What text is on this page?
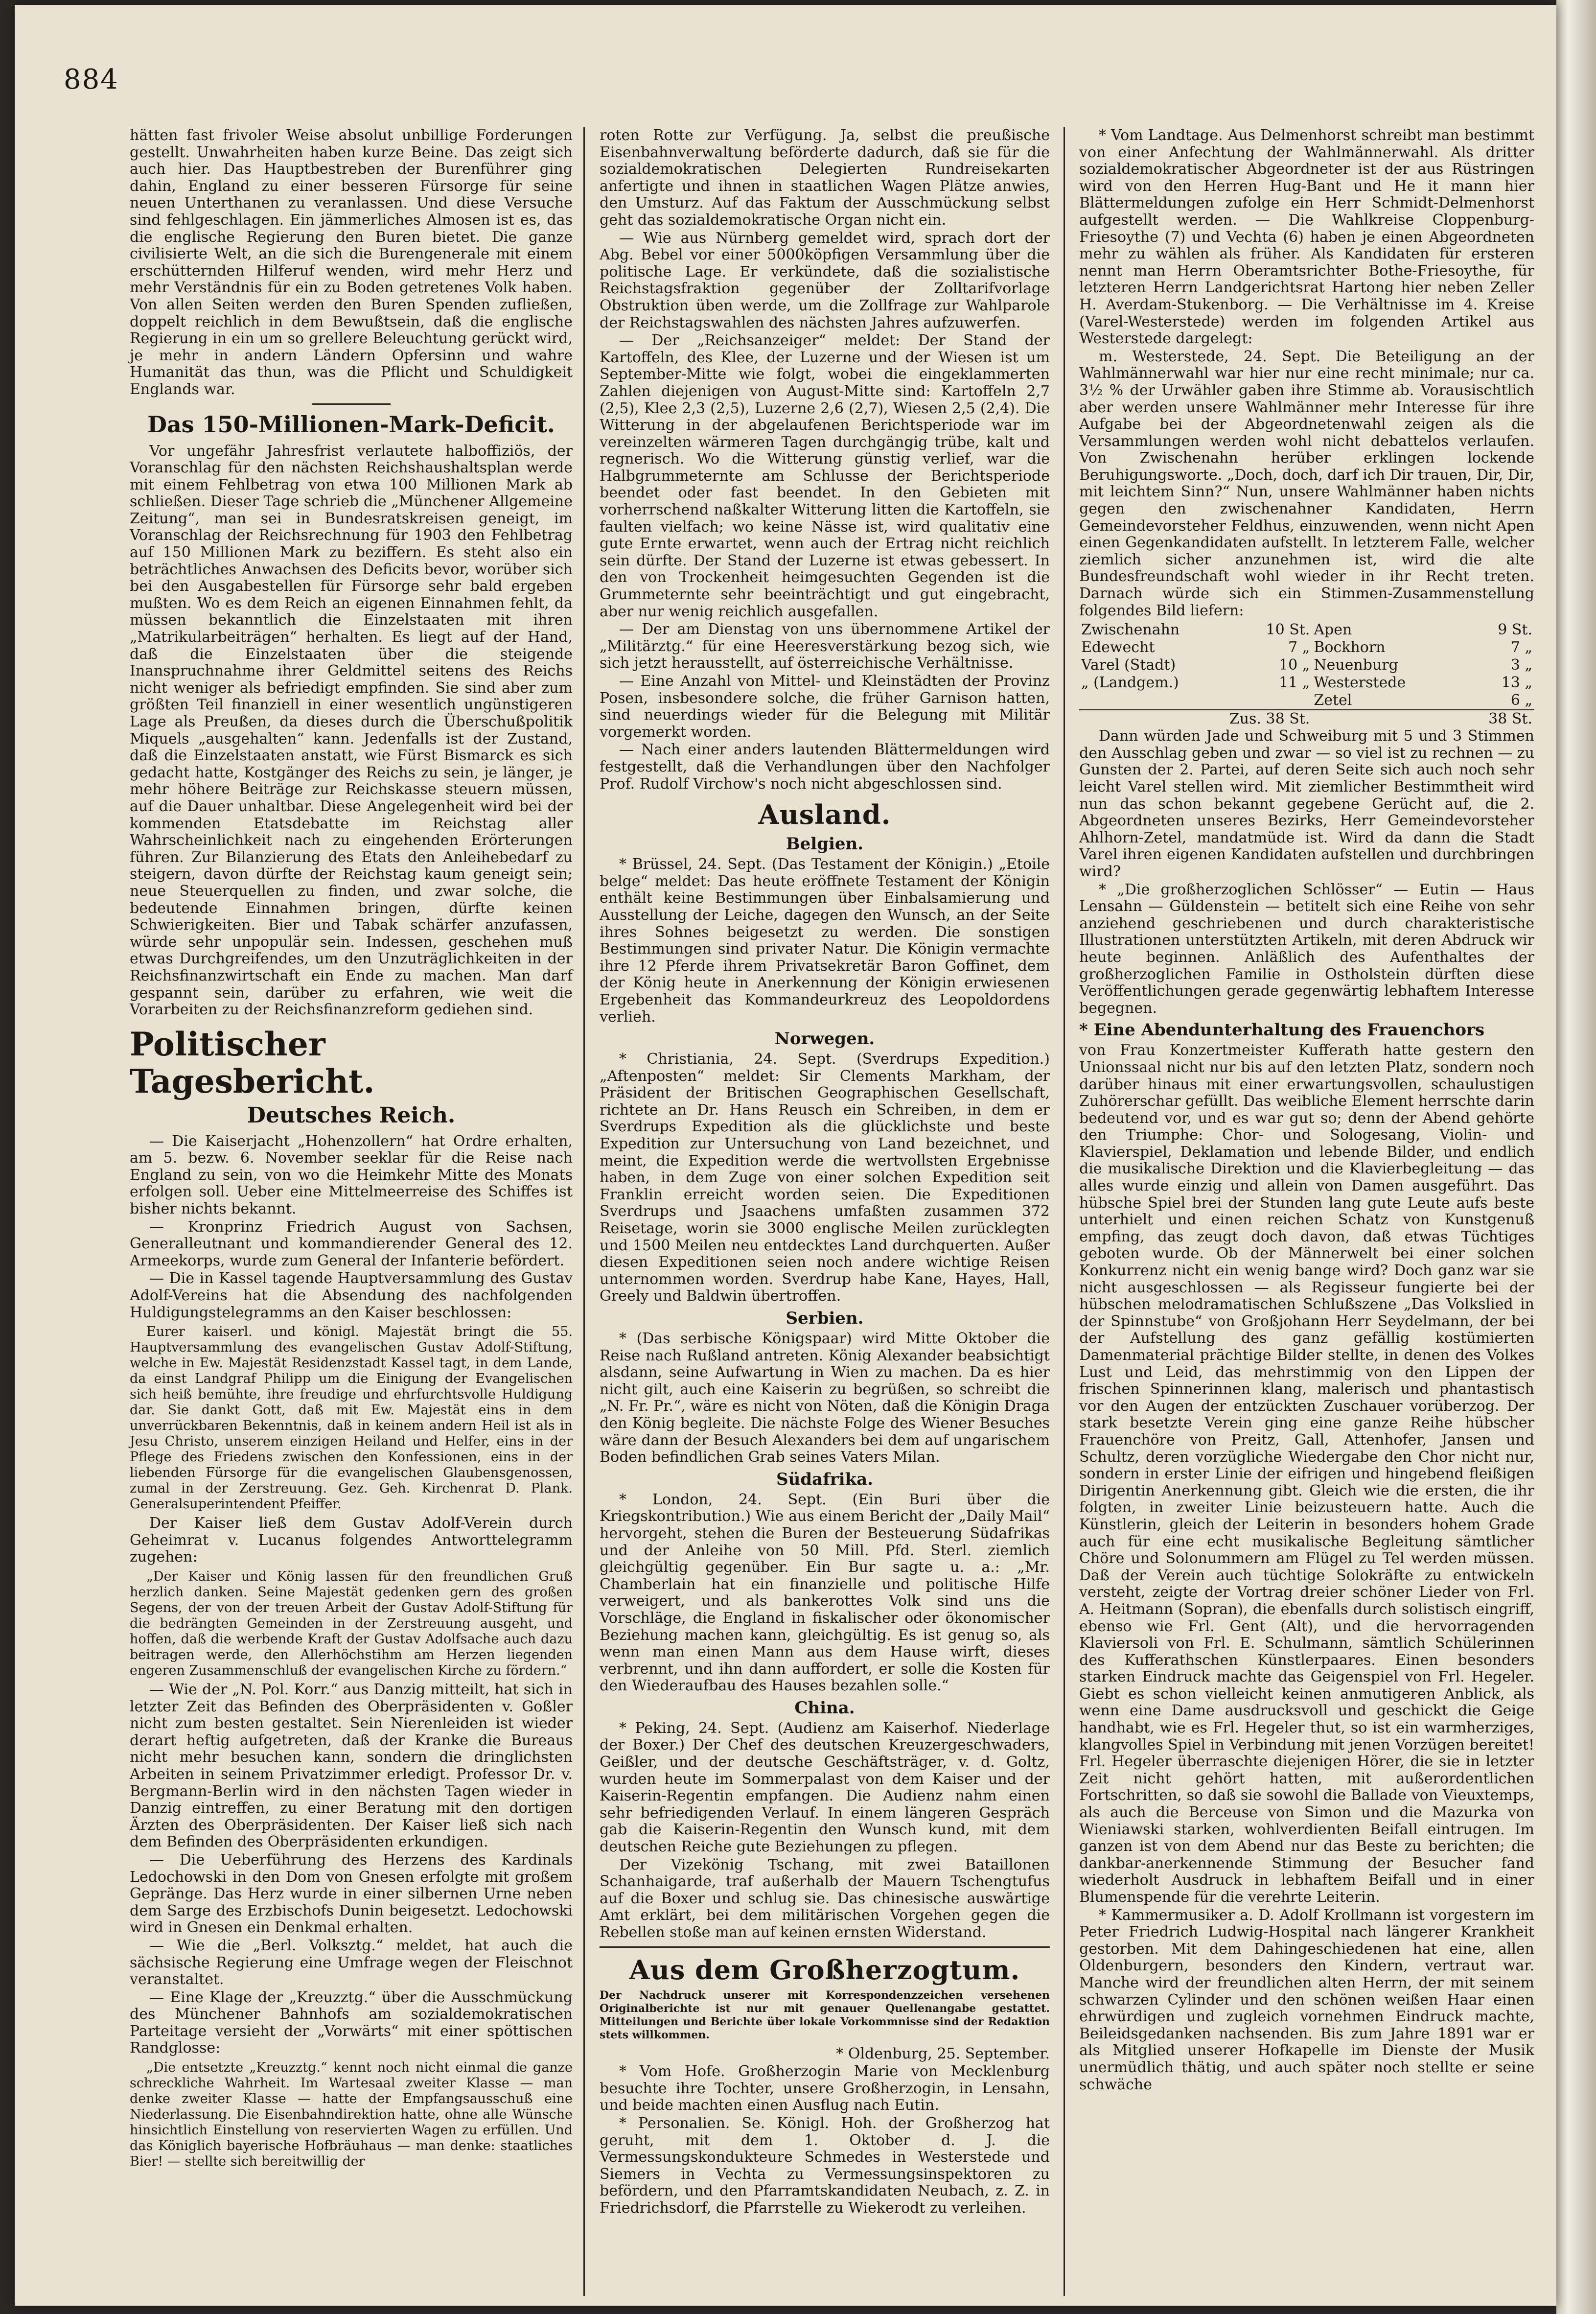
884

hätten fast frivoler Weise absolut unbillige Forderungen gestellt. Unwahrheiten haben kurze Beine. Das zeigt sich auch hier. Das Hauptbestreben der Burenführer ging dahin, England zu einer besseren Fürsorge für seine neuen Unterthanen zu veranlassen. Und diese Versuche sind fehlgeschlagen. Ein jämmerliches Almosen ist es, das die englische Regierung den Buren bietet. Die ganze civilisierte Welt, an die sich die Burengenerale mit einem erschütternden Hilferuf wenden, wird mehr Herz und mehr Verständnis für ein zu Boden getretenes Volk haben. Von allen Seiten werden den Buren Spenden zufließen, doppelt reichlich in dem Bewußtsein, daß die englische Regierung in ein um so grellere Beleuchtung gerückt wird, je mehr in andern Ländern Opfersinn und wahre Humanität das thun, was die Pflicht und Schuldigkeit Englands war.

Das 150-Millionen-Mark-Deficit.

Vor ungefähr Jahresfrist verlautete halboffiziös, der Voranschlag für den nächsten Reichshaushaltsplan werde mit einem Fehlbetrag von etwa 100 Millionen Mark ab schließen. Dieser Tage schrieb die „Münchener Allgemeine Zeitung“, man sei in Bundesratskreisen geneigt, im Voranschlag der Reichsrechnung für 1903 den Fehlbetrag auf 150 Millionen Mark zu beziffern. Es steht also ein beträchtliches Anwachsen des Deficits bevor, worüber sich bei den Ausgabestellen für Fürsorge sehr bald ergeben mußten. Wo es dem Reich an eigenen Einnahmen fehlt, da müssen bekanntlich die Einzelstaaten mit ihren „Matrikularbeiträgen“ herhalten. Es liegt auf der Hand, daß die Einzelstaaten über die steigende Inanspruchnahme ihrer Geldmittel seitens des Reichs nicht weniger als befriedigt empfinden. Sie sind aber zum größten Teil finanziell in einer wesentlich ungünstigeren Lage als Preußen, da dieses durch die Überschußpolitik Miquels „ausgehalten“ kann. Jedenfalls ist der Zustand, daß die Einzelstaaten anstatt, wie Fürst Bismarck es sich gedacht hatte, Kostgänger des Reichs zu sein, je länger, je mehr höhere Beiträge zur Reichskasse steuern müssen, auf die Dauer unhaltbar. Diese Angelegenheit wird bei der kommenden Etatsdebatte im Reichstag aller Wahrscheinlichkeit nach zu eingehenden Erörterungen führen. Zur Bilanzierung des Etats den Anleihebedarf zu steigern, davon dürfte der Reichstag kaum geneigt sein; neue Steuerquellen zu finden, und zwar solche, die bedeutende Einnahmen bringen, dürfte keinen Schwierigkeiten. Bier und Tabak schärfer anzufassen, würde sehr unpopulär sein. Indessen, geschehen muß etwas Durchgreifendes, um den Unzuträglichkeiten in der Reichsfinanzwirtschaft ein Ende zu machen. Man darf gespannt sein, darüber zu erfahren, wie weit die Vorarbeiten zu der Reichsfinanzreform gediehen sind.

Politischer Tagesbericht.
Deutsches Reich.

— Die Kaiserjacht „Hohenzollern“ hat Ordre erhalten, am 5. bezw. 6. November seeklar für die Reise nach England zu sein, von wo die Heimkehr Mitte des Monats erfolgen soll. Ueber eine Mittelmeerreise des Schiffes ist bisher nichts bekannt.

— Kronprinz Friedrich August von Sachsen, Generalleutnant und kommandierender General des 12. Armeekorps, wurde zum General der Infanterie befördert.

— Die in Kassel tagende Hauptversammlung des Gustav Adolf-Vereins hat die Absendung des nachfolgenden Huldigungstelegramms an den Kaiser beschlossen:

Eurer kaiserl. und königl. Majestät bringt die 55. Hauptversammlung des evangelischen Gustav Adolf-Stiftung, welche in Ew. Majestät Residenzstadt Kassel tagt, in dem Lande, da einst Landgraf Philipp um die Einigung der Evangelischen sich heiß bemühte, ihre freudige und ehrfurchtsvolle Huldigung dar. Sie dankt Gott, daß mit Ew. Majestät eins in dem unverrückbaren Bekenntnis, daß in keinem andern Heil ist als in Jesu Christo, unserem einzigen Heiland und Helfer, eins in der Pflege des Friedens zwischen den Konfessionen, eins in der liebenden Fürsorge für die evangelischen Glaubensgenossen, zumal in der Zerstreuung. Gez. Geh. Kirchenrat D. Plank. Generalsuperintendent Pfeiffer.

Der Kaiser ließ dem Gustav Adolf-Verein durch Geheimrat v. Lucanus folgendes Antworttelegramm zugehen:

„Der Kaiser und König lassen für den freundlichen Gruß herzlich danken. Seine Majestät gedenken gern des großen Segens, der von der treuen Arbeit der Gustav Adolf-Stiftung für die bedrängten Gemeinden in der Zerstreuung ausgeht, und hoffen, daß die werbende Kraft der Gustav Adolfsache auch dazu beitragen werde, den Allerhöchstihm am Herzen liegenden engeren Zusammenschluß der evangelischen Kirche zu fördern.“

— Wie der „N. Pol. Korr.“ aus Danzig mitteilt, hat sich in letzter Zeit das Befinden des Oberpräsidenten v. Goßler nicht zum besten gestaltet. Sein Nierenleiden ist wieder derart heftig aufgetreten, daß der Kranke die Bureaus nicht mehr besuchen kann, sondern die dringlichsten Arbeiten in seinem Privatzimmer erledigt. Professor Dr. v. Bergmann-Berlin wird in den nächsten Tagen wieder in Danzig eintreffen, zu einer Beratung mit den dortigen Ärzten des Oberpräsidenten. Der Kaiser ließ sich nach dem Befinden des Oberpräsidenten erkundigen.

— Die Ueberführung des Herzens des Kardinals Ledochowski in den Dom von Gnesen erfolgte mit großem Gepränge. Das Herz wurde in einer silbernen Urne neben dem Sarge des Erzbischofs Dunin beigesetzt. Ledochowski wird in Gnesen ein Denkmal erhalten.

— Wie die „Berl. Volksztg.“ meldet, hat auch die sächsische Regierung eine Umfrage wegen der Fleischnot veranstaltet.

— Eine Klage der „Kreuzztg.“ über die Ausschmückung des Münchener Bahnhofs am sozialdemokratischen Parteitage versieht der „Vorwärts“ mit einer spöttischen Randglosse:

„Die entsetzte „Kreuzztg.“ kennt noch nicht einmal die ganze schreckliche Wahrheit. Im Wartesaal zweiter Klasse — man denke zweiter Klasse — hatte der Empfangsausschuß eine Niederlassung. Die Eisenbahndirektion hatte, ohne alle Wünsche hinsichtlich Einstellung von reservierten Wagen zu erfüllen. Und das Königlich bayerische Hofbräuhaus — man denke: staatliches Bier! — stellte sich bereitwillig der

roten Rotte zur Verfügung. Ja, selbst die preußische Eisenbahnverwaltung beförderte dadurch, daß sie für die sozialdemokratischen Delegierten Rundreisekarten anfertigte und ihnen in staatlichen Wagen Plätze anwies, den Umsturz. Auf das Faktum der Ausschmückung selbst geht das sozialdemokratische Organ nicht ein.

— Wie aus Nürnberg gemeldet wird, sprach dort der Abg. Bebel vor einer 5000köpfigen Versammlung über die politische Lage. Er verkündete, daß die sozialistische Reichstagsfraktion gegenüber der Zolltarifvorlage Obstruktion üben werde, um die Zollfrage zur Wahlparole der Reichstagswahlen des nächsten Jahres aufzuwerfen.

— Der „Reichsanzeiger“ meldet: Der Stand der Kartoffeln, des Klee, der Luzerne und der Wiesen ist um September-Mitte wie folgt, wobei die eingeklammerten Zahlen diejenigen von August-Mitte sind: Kartoffeln 2,7 (2,5), Klee 2,3 (2,5), Luzerne 2,6 (2,7), Wiesen 2,5 (2,4). Die Witterung in der abgelaufenen Berichtsperiode war im vereinzelten wärmeren Tagen durchgängig trübe, kalt und regnerisch. Wo die Witterung günstig verlief, war die Halbgrummeternte am Schlusse der Berichtsperiode beendet oder fast beendet. In den Gebieten mit vorherrschend naßkalter Witterung litten die Kartoffeln, sie faulten vielfach; wo keine Nässe ist, wird qualitativ eine gute Ernte erwartet, wenn auch der Ertrag nicht reichlich sein dürfte. Der Stand der Luzerne ist etwas gebessert. In den von Trockenheit heimgesuchten Gegenden ist die Grummeternte sehr beeinträchtigt und gut eingebracht, aber nur wenig reichlich ausgefallen.

— Der am Dienstag von uns übernommene Artikel der „Militärztg.“ für eine Heeresverstärkung bezog sich, wie sich jetzt herausstellt, auf österreichische Verhältnisse.

— Eine Anzahl von Mittel- und Kleinstädten der Provinz Posen, insbesondere solche, die früher Garnison hatten, sind neuerdings wieder für die Belegung mit Militär vorgemerkt worden.

— Nach einer anders lautenden Blättermeldungen wird festgestellt, daß die Verhandlungen über den Nachfolger Prof. Rudolf Virchow's noch nicht abgeschlossen sind.

Ausland.
Belgien.

* Brüssel, 24. Sept. (Das Testament der Königin.) „Etoile belge“ meldet: Das heute eröffnete Testament der Königin enthält keine Bestimmungen über Einbalsamierung und Ausstellung der Leiche, dagegen den Wunsch, an der Seite ihres Sohnes beigesetzt zu werden. Die sonstigen Bestimmungen sind privater Natur. Die Königin vermachte ihre 12 Pferde ihrem Privatsekretär Baron Goffinet, dem der König heute in Anerkennung der Königin erwiesenen Ergebenheit das Kommandeurkreuz des Leopoldordens verlieh.

Norwegen.

* Christiania, 24. Sept. (Sverdrups Expedition.) „Aftenposten“ meldet: Sir Clements Markham, der Präsident der Britischen Geographischen Gesellschaft, richtete an Dr. Hans Reusch ein Schreiben, in dem er Sverdrups Expedition als die glücklichste und beste Expedition zur Untersuchung von Land bezeichnet, und meint, die Expedition werde die wertvollsten Ergebnisse haben, in dem Zuge von einer solchen Expedition seit Franklin erreicht worden seien. Die Expeditionen Sverdrups und Jsaachens umfaßten zusammen 372 Reisetage, worin sie 3000 englische Meilen zurücklegten und 1500 Meilen neu entdecktes Land durchquerten. Außer diesen Expeditionen seien noch andere wichtige Reisen unternommen worden. Sverdrup habe Kane, Hayes, Hall, Greely und Baldwin übertroffen.

Serbien.

* (Das serbische Königspaar) wird Mitte Oktober die Reise nach Rußland antreten. König Alexander beabsichtigt alsdann, seine Aufwartung in Wien zu machen. Da es hier nicht gilt, auch eine Kaiserin zu begrüßen, so schreibt die „N. Fr. Pr.“, wäre es nicht von Nöten, daß die Königin Draga den König begleite. Die nächste Folge des Wiener Besuches wäre dann der Besuch Alexanders bei dem auf ungarischem Boden befindlichen Grab seines Vaters Milan.

Südafrika.

* London, 24. Sept. (Ein Buri über die Kriegskontribution.) Wie aus einem Bericht der „Daily Mail“ hervorgeht, stehen die Buren der Besteuerung Südafrikas und der Anleihe von 50 Mill. Pfd. Sterl. ziemlich gleichgültig gegenüber. Ein Bur sagte u. a.: „Mr. Chamberlain hat ein finanzielle und politische Hilfe verweigert, und als bankerottes Volk sind uns die Vorschläge, die England in fiskalischer oder ökonomischer Beziehung machen kann, gleichgültig. Es ist genug so, als wenn man einen Mann aus dem Hause wirft, dieses verbrennt, und ihn dann auffordert, er solle die Kosten für den Wiederaufbau des Hauses bezahlen solle.“

China.

* Peking, 24. Sept. (Audienz am Kaiserhof. Niederlage der Boxer.) Der Chef des deutschen Kreuzergeschwaders, Geißler, und der deutsche Geschäftsträger, v. d. Goltz, wurden heute im Sommerpalast von dem Kaiser und der Kaiserin-Regentin empfangen. Die Audienz nahm einen sehr befriedigenden Verlauf. In einem längeren Gespräch gab die Kaiserin-Regentin den Wunsch kund, mit dem deutschen Reiche gute Beziehungen zu pflegen.

Der Vizekönig Tschang, mit zwei Bataillonen Schanhaigarde, traf außerhalb der Mauern Tschengtufus auf die Boxer und schlug sie. Das chinesische auswärtige Amt erklärt, bei dem militärischen Vorgehen gegen die Rebellen stoße man auf keinen ernsten Widerstand.

Aus dem Großherzogtum.
Der Nachdruck unserer mit Korrespondenzzeichen versehenen Originalberichte ist nur mit genauer Quellenangabe gestattet. Mitteilungen und Berichte über lokale Vorkommnisse sind der Redaktion stets willkommen.
* Oldenburg, 25. September.

* Vom Hofe. Großherzogin Marie von Mecklenburg besuchte ihre Tochter, unsere Großherzogin, in Lensahn, und beide machten einen Ausflug nach Eutin.

* Personalien. Se. Königl. Hoh. der Großherzog hat geruht, mit dem 1. Oktober d. J. die Vermessungskondukteure Schmedes in Westerstede und Siemers in Vechta zu Vermessungsinspektoren zu befördern, und den Pfarramtskandidaten Neubach, z. Z. in Friedrichsdorf, die Pfarrstelle zu Wiekerodt zu verleihen.

* Vom Landtage. Aus Delmenhorst schreibt man bestimmt von einer Anfechtung der Wahlmännerwahl. Als dritter sozialdemokratischer Abgeordneter ist der aus Rüstringen wird von den Herren Hug-Bant und He it mann hier Blättermeldungen zufolge ein Herr Schmidt-Delmenhorst aufgestellt werden. — Die Wahlkreise Cloppenburg-Friesoythe (7) und Vechta (6) haben je einen Abgeordneten mehr zu wählen als früher. Als Kandidaten für ersteren nennt man Herrn Oberamtsrichter Bothe-Friesoythe, für letzteren Herrn Landgerichtsrat Hartong hier neben Zeller H. Averdam-Stukenborg. — Die Verhältnisse im 4. Kreise (Varel-Westerstede) werden im folgenden Artikel aus Westerstede dargelegt:

m. Westerstede, 24. Sept. Die Beteiligung an der Wahlmännerwahl war hier nur eine recht minimale; nur ca. 3½ % der Urwähler gaben ihre Stimme ab. Vorausischtlich aber werden unsere Wahlmänner mehr Interesse für ihre Aufgabe bei der Abgeordnetenwahl zeigen als die Versammlungen werden wohl nicht debattelos verlaufen. Von Zwischenahn herüber erklingen lockende Beruhigungsworte. „Doch, doch, darf ich Dir trauen, Dir, Dir, mit leichtem Sinn?“ Nun, unsere Wahlmänner haben nichts gegen den zwischenahner Kandidaten, Herrn Gemeindevorsteher Feldhus, einzuwenden, wenn nicht Apen einen Gegenkandidaten aufstellt. In letzterem Falle, welcher ziemlich sicher anzunehmen ist, wird die alte Bundesfreundschaft wohl wieder in ihr Recht treten. Darnach würde sich ein Stimmen-Zusammenstellung folgendes Bild liefern:

Zwischenahn	10 St.	Apen	9 St.
Edewecht	7 „	Bockhorn	7 „
Varel (Stadt)	10 „	Neuenburg	3 „
„ (Landgem.)	11 „	Westerstede	13 „
		Zetel	6 „
Zus. 38 St.			38 St.

Dann würden Jade und Schweiburg mit 5 und 3 Stimmen den Ausschlag geben und zwar — so viel ist zu rechnen — zu Gunsten der 2. Partei, auf deren Seite sich auch noch sehr leicht Varel stellen wird. Mit ziemlicher Bestimmtheit wird nun das schon bekannt gegebene Gerücht auf, die 2. Abgeordneten unseres Bezirks, Herr Gemeindevorsteher Ahlhorn-Zetel, mandatmüde ist. Wird da dann die Stadt Varel ihren eigenen Kandidaten aufstellen und durchbringen wird?

* „Die großherzoglichen Schlösser“ — Eutin — Haus Lensahn — Güldenstein — betitelt sich eine Reihe von sehr anziehend geschriebenen und durch charakteristische Illustrationen unterstützten Artikeln, mit deren Abdruck wir heute beginnen. Anläßlich des Aufenthaltes der großherzoglichen Familie in Ostholstein dürften diese Veröffentlichungen gerade gegenwärtig lebhaftem Interesse begegnen.

* Eine Abendunterhaltung des Frauenchors

von Frau Konzertmeister Kufferath hatte gestern den Unionssaal nicht nur bis auf den letzten Platz, sondern noch darüber hinaus mit einer erwartungsvollen, schaulustigen Zuhörerschar gefüllt. Das weibliche Element herrschte darin bedeutend vor, und es war gut so; denn der Abend gehörte den Triumphe: Chor- und Sologesang, Violin- und Klavierspiel, Deklamation und lebende Bilder, und endlich die musikalische Direktion und die Klavierbegleitung — das alles wurde einzig und allein von Damen ausgeführt. Das hübsche Spiel brei der Stunden lang gute Leute aufs beste unterhielt und einen reichen Schatz von Kunstgenuß empfing, das zeugt doch davon, daß etwas Tüchtiges geboten wurde. Ob der Männerwelt bei einer solchen Konkurrenz nicht ein wenig bange wird? Doch ganz war sie nicht ausgeschlossen — als Regisseur fungierte bei der hübschen melodramatischen Schlußszene „Das Volkslied in der Spinnstube“ von Großjohann Herr Seydelmann, der bei der Aufstellung des ganz gefällig kostümierten Damenmaterial prächtige Bilder stellte, in denen des Volkes Lust und Leid, das mehrstimmig von den Lippen der frischen Spinnerinnen klang, malerisch und phantastisch vor den Augen der entzückten Zuschauer vorüberzog. Der stark besetzte Verein ging eine ganze Reihe hübscher Frauenchöre von Preitz, Gall, Attenhofer, Jansen und Schultz, deren vorzügliche Wiedergabe den Chor nicht nur, sondern in erster Linie der eifrigen und hingebend fleißigen Dirigentin Anerkennung gibt. Gleich wie die ersten, die ihr folgten, in zweiter Linie beizusteuern hatte. Auch die Künstlerin, gleich der Leiterin in besonders hohem Grade auch für eine echt musikalische Begleitung sämtlicher Chöre und Solonummern am Flügel zu Tel werden müssen. Daß der Verein auch tüchtige Solokräfte zu entwickeln versteht, zeigte der Vortrag dreier schöner Lieder von Frl. A. Heitmann (Sopran), die ebenfalls durch solistisch eingriff, ebenso wie Frl. Gent (Alt), und die hervorragenden Klaviersoli von Frl. E. Schulmann, sämtlich Schülerinnen des Kufferathschen Künstlerpaares. Einen besonders starken Eindruck machte das Geigenspiel von Frl. Hegeler. Giebt es schon vielleicht keinen anmutigeren Anblick, als wenn eine Dame ausdrucksvoll und geschickt die Geige handhabt, wie es Frl. Hegeler thut, so ist ein warmherziges, klangvolles Spiel in Verbindung mit jenen Vorzügen bereitet! Frl. Hegeler überraschte diejenigen Hörer, die sie in letzter Zeit nicht gehört hatten, mit außerordentlichen Fortschritten, so daß sie sowohl die Ballade von Vieuxtemps, als auch die Berceuse von Simon und die Mazurka von Wieniawski starken, wohlverdienten Beifall eintrugen. Im ganzen ist von dem Abend nur das Beste zu berichten; die dankbar-anerkennende Stimmung der Besucher fand wiederholt Ausdruck in lebhaftem Beifall und in einer Blumenspende für die verehrte Leiterin.

* Kammermusiker a. D. Adolf Krollmann ist vorgestern im Peter Friedrich Ludwig-Hospital nach längerer Krankheit gestorben. Mit dem Dahingeschiedenen hat eine, allen Oldenburgern, besonders den Kindern, vertraut war. Manche wird der freundlichen alten Herrn, der mit seinem schwarzen Cylinder und den schönen weißen Haar einen ehrwürdigen und zugleich vornehmen Eindruck machte, Beileidsgedanken nachsenden. Bis zum Jahre 1891 war er als Mitglied unserer Hofkapelle im Dienste der Musik unermüdlich thätig, und auch später noch stellte er seine schwäche
